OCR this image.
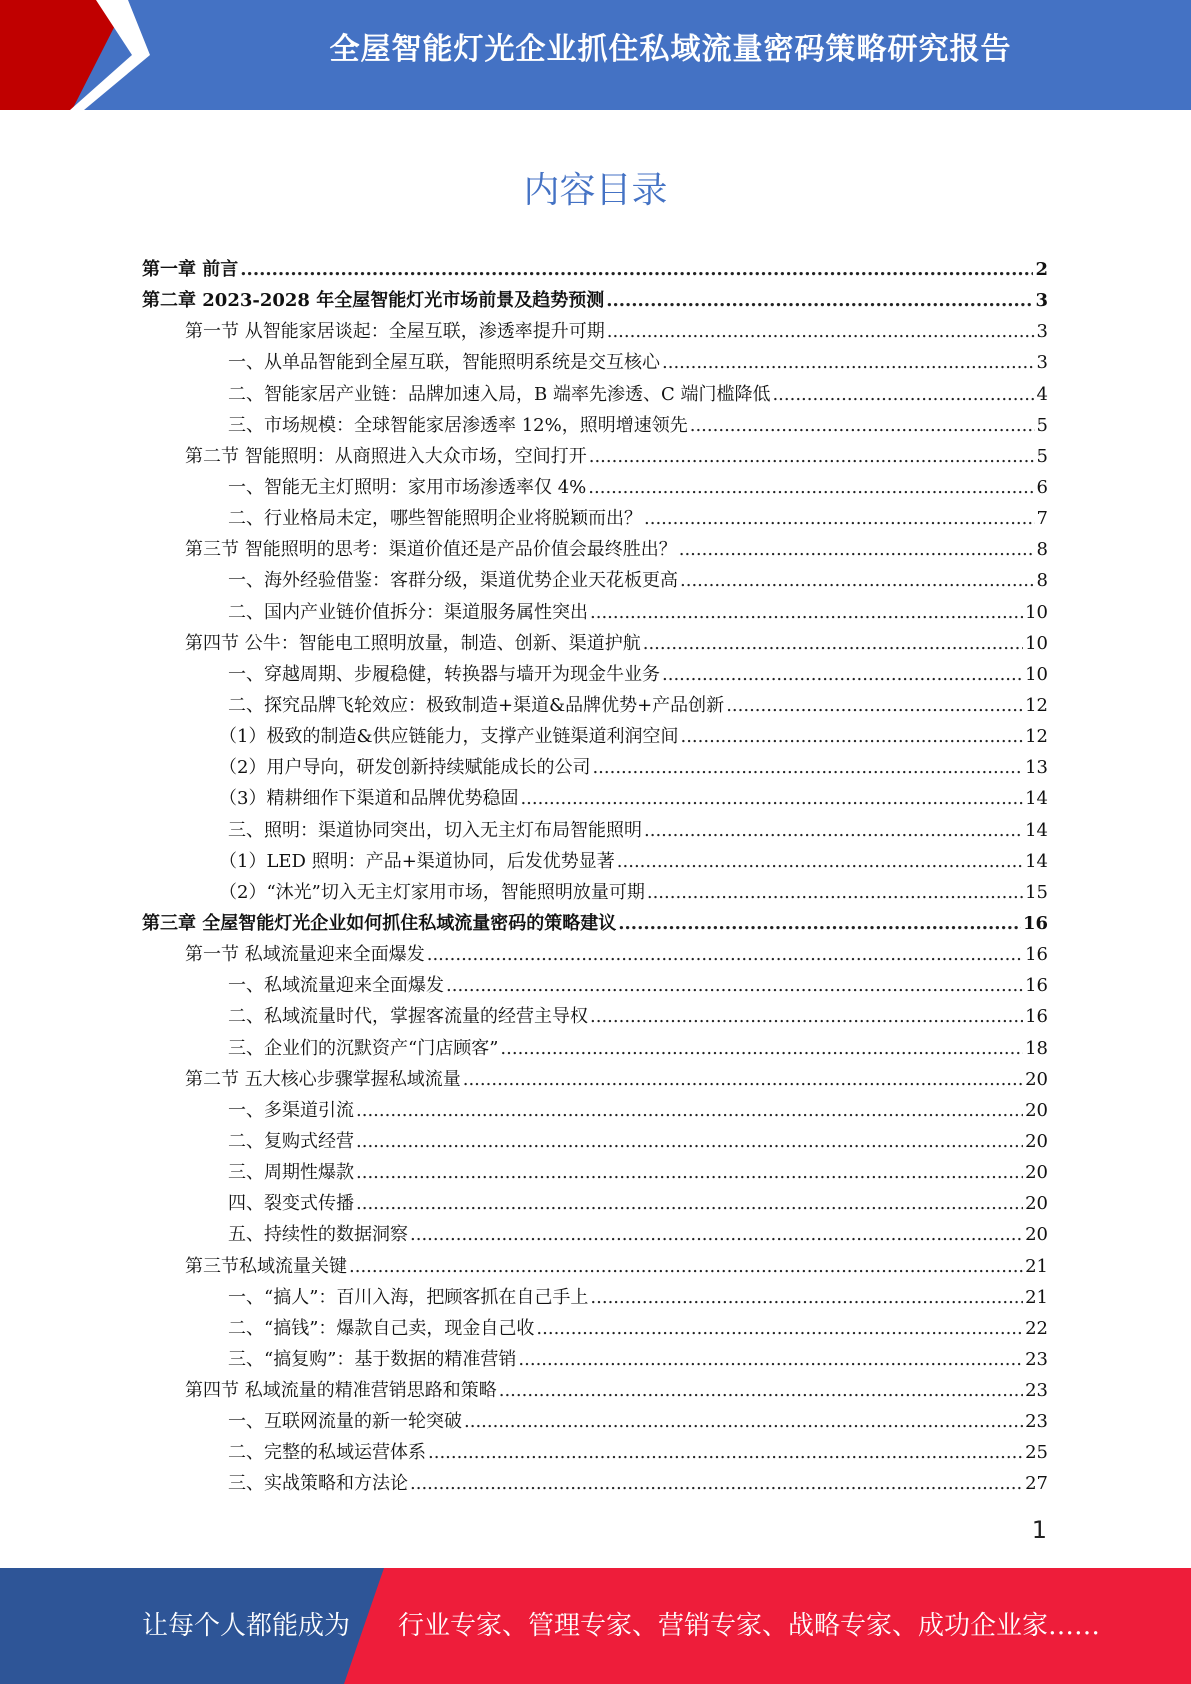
全屋智能灯光企业抓住私域流量密码策略研究报告
内容目录
第一章 前言 .....	2
第二章 2023-2028 年全屋智能灯光市场前景及趋势预测 .....	3
第一节 从智能家居谈起：全屋互联，渗透率提升可期 .....	3
一、从单品智能到全屋互联，智能照明系统是交互核心 .....	3
二、智能家居产业链：品牌加速入局，B 端率先渗透、C 端门槛降低 .....	4
三、市场规模：全球智能家居渗透率 12%，照明增速领先 .....	5
第二节 智能照明：从商照进入大众市场，空间打开 .....	5
一、智能无主灯照明：家用市场渗透率仅 4% .....	6
二、行业格局未定，哪些智能照明企业将脱颖而出？ .....	7
第三节 智能照明的思考：渠道价值还是产品价值会最终胜出？ .....	8
一、海外经验借鉴：客群分级，渠道优势企业天花板更高 .....	8
二、国内产业链价值拆分：渠道服务属性突出 .....	10
第四节 公牛：智能电工照明放量，制造、创新、渠道护航 .....	10
一、穿越周期、步履稳健，转换器与墙开为现金牛业务 .....	10
二、探究品牌飞轮效应：极致制造+渠道&品牌优势+产品创新 .....	12
（1）极致的制造&供应链能力，支撑产业链渠道利润空间 .....	12
（2）用户导向，研发创新持续赋能成长的公司 .....	13
（3）精耕细作下渠道和品牌优势稳固 .....	14
三、照明：渠道协同突出，切入无主灯布局智能照明 .....	14
（1）LED 照明：产品+渠道协同，后发优势显著 .....	14
（2）“沐光”切入无主灯家用市场，智能照明放量可期 .....	15
第三章 全屋智能灯光企业如何抓住私域流量密码的策略建议 .....	16
第一节 私域流量迎来全面爆发 .....	16
一、私域流量迎来全面爆发 .....	16
二、私域流量时代，掌握客流量的经营主导权 .....	16
三、企业们的沉默资产“门店顾客” .....	18
第二节 五大核心步骤掌握私域流量 .....	20
一、多渠道引流 .....	20
二、复购式经营 .....	20
三、周期性爆款 .....	20
四、裂变式传播 .....	20
五、持续性的数据洞察 .....	20
第三节私域流量关键 .....	21
一、“搞人”：百川入海，把顾客抓在自己手上 .....	21
二、“搞钱”：爆款自己卖，现金自己收 .....	22
三、“搞复购”：基于数据的精准营销 .....	23
第四节 私域流量的精准营销思路和策略 .....	23
一、互联网流量的新一轮突破 .....	23
二、完整的私域运营体系 .....	25
三、实战策略和方法论 .....	27
1
让每个人都能成为 行业专家、管理专家、营销专家、战略专家、成功企业家……
